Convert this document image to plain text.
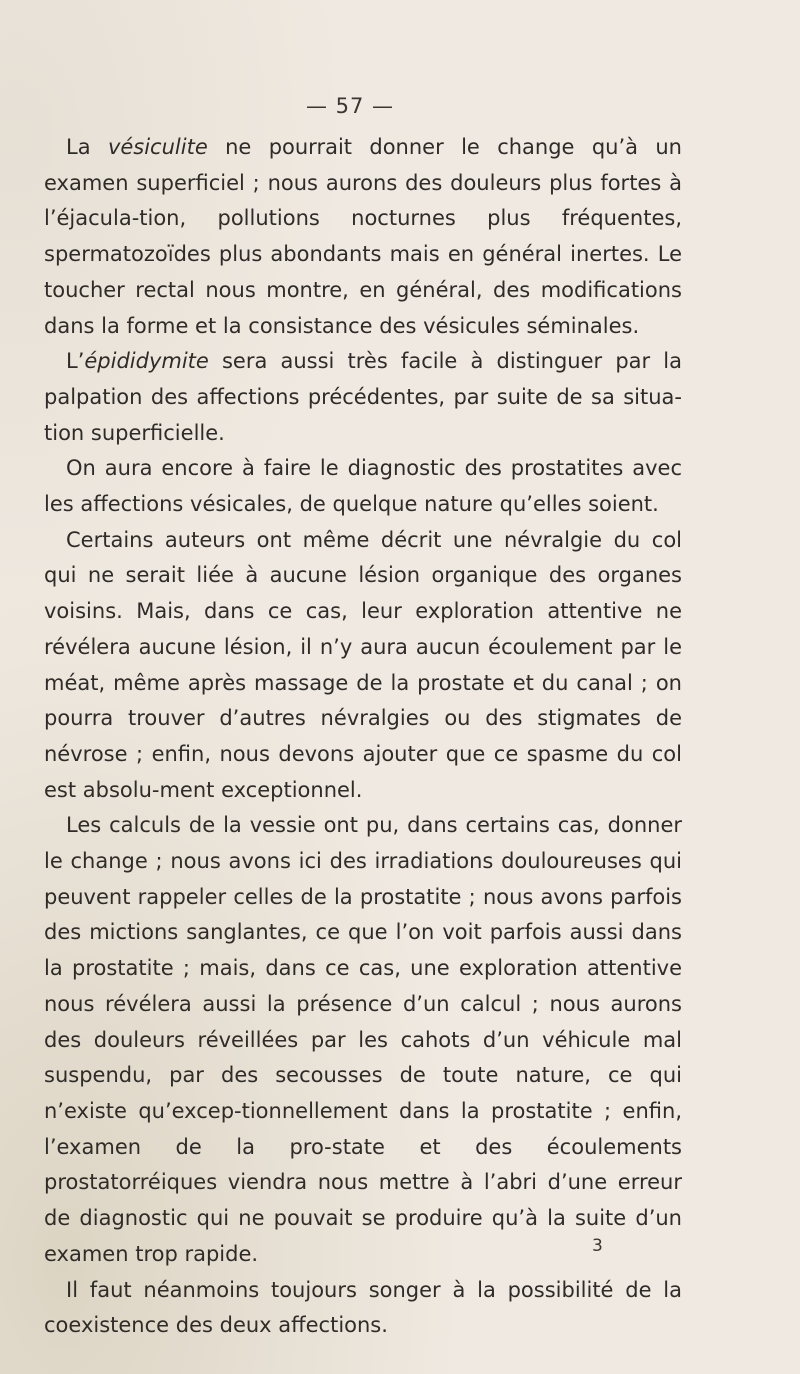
— 57 —

La vésiculite ne pourrait donner le change qu’à un examen superficiel ; nous aurons des douleurs plus fortes à l’éjacula-tion, pollutions nocturnes plus fréquentes, spermatozoïdes plus abondants mais en général inertes. Le toucher rectal nous montre, en général, des modifications dans la forme et la consistance des vésicules séminales.

L’épididymite sera aussi très facile à distinguer par la palpation des affections précédentes, par suite de sa situa-tion superficielle.

On aura encore à faire le diagnostic des prostatites avec les affections vésicales, de quelque nature qu’elles soient.

Certains auteurs ont même décrit une névralgie du col qui ne serait liée à aucune lésion organique des organes voisins. Mais, dans ce cas, leur exploration attentive ne révélera aucune lésion, il n’y aura aucun écoulement par le méat, même après massage de la prostate et du canal ; on pourra trouver d’autres névralgies ou des stigmates de névrose ; enfin, nous devons ajouter que ce spasme du col est absolu-ment exceptionnel.

Les calculs de la vessie ont pu, dans certains cas, donner le change ; nous avons ici des irradiations douloureuses qui peuvent rappeler celles de la prostatite ; nous avons parfois des mictions sanglantes, ce que l’on voit parfois aussi dans la prostatite ; mais, dans ce cas, une exploration attentive nous révélera aussi la présence d’un calcul ; nous aurons des douleurs réveillées par les cahots d’un véhicule mal suspendu, par des secousses de toute nature, ce qui n’existe qu’excep-tionnellement dans la prostatite ; enfin, l’examen de la pro-state et des écoulements prostatorréiques viendra nous mettre à l’abri d’une erreur de diagnostic qui ne pouvait se produire qu’à la suite d’un examen trop rapide.

Il faut néanmoins toujours songer à la possibilité de la coexistence des deux affections.

3
